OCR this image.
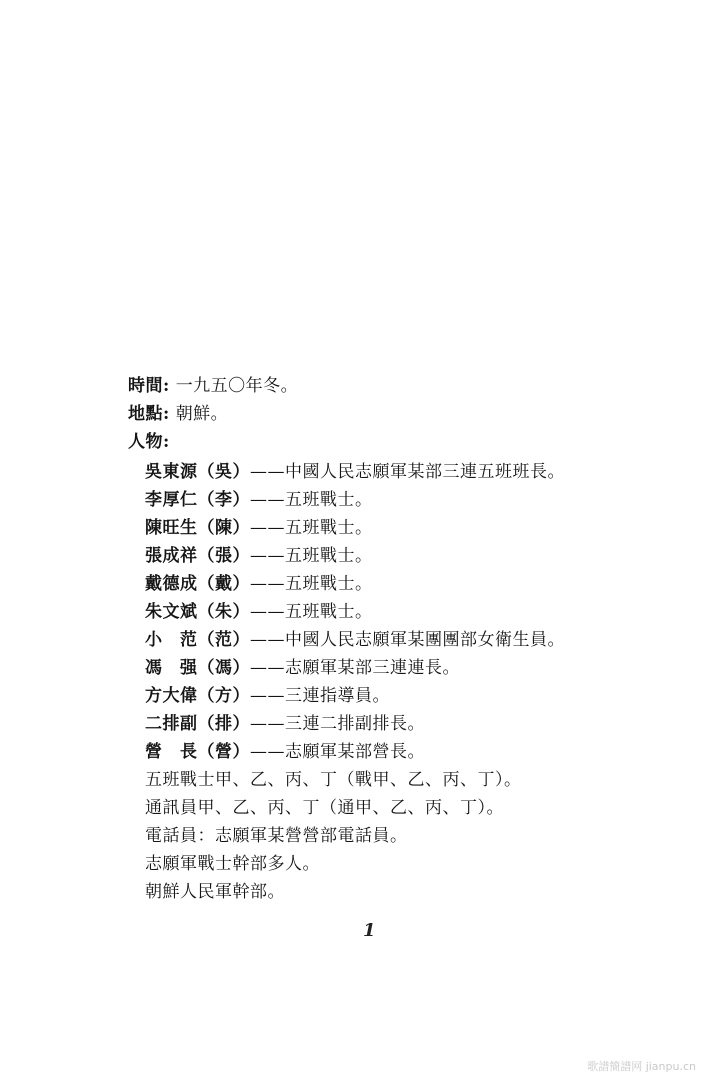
時間: 一九五〇年冬。
地點: 朝鮮。
人物:
吳東源（吳）——中國人民志願軍某部三連五班班長。
李厚仁（李）——五班戰士。
陳旺生（陳）——五班戰士。
張成祥（張）——五班戰士。
戴德成（戴）——五班戰士。
朱文斌（朱）——五班戰士。
小　范（范）——中國人民志願軍某團團部女衛生員。
馮　强（馮）——志願軍某部三連連長。
方大偉（方）——三連指導員。
二排副（排）——三連二排副排長。
營　長（營）——志願軍某部營長。
五班戰士甲、乙、丙、丁（戰甲、乙、丙、丁）。
通訊員甲、乙、丙、丁（通甲、乙、丙、丁）。
電話員：志願軍某營營部電話員。
志願軍戰士幹部多人。
朝鮮人民軍幹部。
1
歌譜簡譜网 jianpu.cn
